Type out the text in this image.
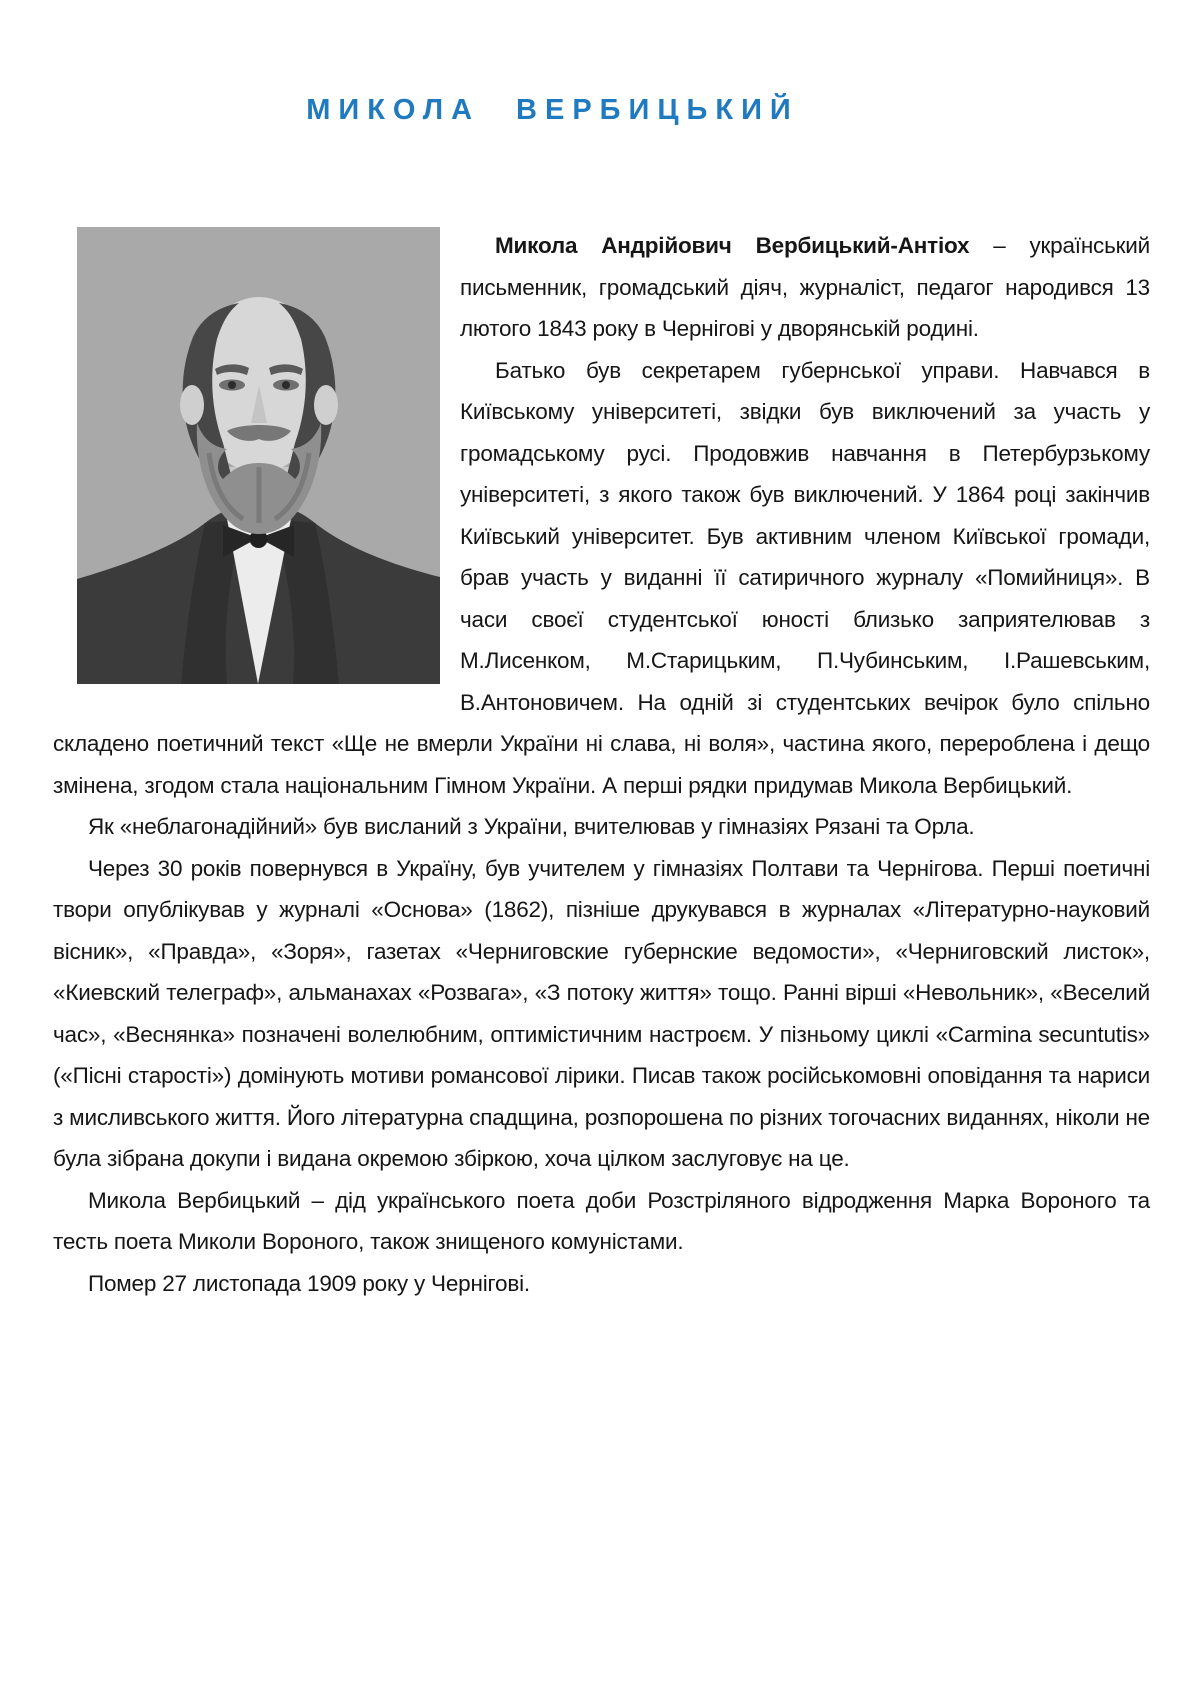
МИКОЛА ВЕРБИЦЬКИЙ

Микола Андрійович Вербицький-Антіох – український письменник, громадський діяч, журналіст, педагог народився 13 лютого 1843 року в Чернігові у дворянській родині.

Батько був секретарем губернської управи. Навчався в Київському університеті, звідки був виключений за участь у громадському русі. Продовжив навчання в Петербурзькому університеті, з якого також був виключений. У 1864 році закінчив Київський університет. Був активним членом Київської громади, брав участь у виданні її сатиричного журналу «Помийниця». В часи своєї студентської юності близько заприятелював з М.Лисенком, М.Старицьким, П.Чубинським, І.Рашевським, В.Антоновичем. На одній зі студентських вечірок було спільно складено поетичний текст «Ще не вмерли України ні слава, ні воля», частина якого, перероблена і дещо змінена, згодом стала національним Гімном України. А перші рядки придумав Микола Вербицький.

Як «неблагонадійний» був висланий з України, вчителював у гімназіях Рязані та Орла.

Через 30 років повернувся в Україну, був учителем у гімназіях Полтави та Чернігова. Перші поетичні твори опублікував у журналі «Основа» (1862), пізніше друкувався в журналах «Літературно-науковий вісник», «Правда», «Зоря», газетах «Черниговские губернские ведомости», «Черниговский листок», «Киевский телеграф», альманахах «Розвага», «З потоку життя» тощо. Ранні вірші «Невольник», «Веселий час», «Веснянка» позначені волелюбним, оптимістичним настроєм. У пізньому циклі «Carmina secuntutis» («Пісні старості») домінують мотиви романсової лірики. Писав також російськомовні оповідання та нариси з мисливського життя. Його літературна спадщина, розпорошена по різних тогочасних виданнях, ніколи не була зібрана докупи і видана окремою збіркою, хоча цілком заслуговує на це.

Микола Вербицький – дід українського поета доби Розстріляного відродження Марка Вороного та тесть поета Миколи Вороного, також знищеного комуністами.

Помер 27 листопада 1909 року у Чернігові.
